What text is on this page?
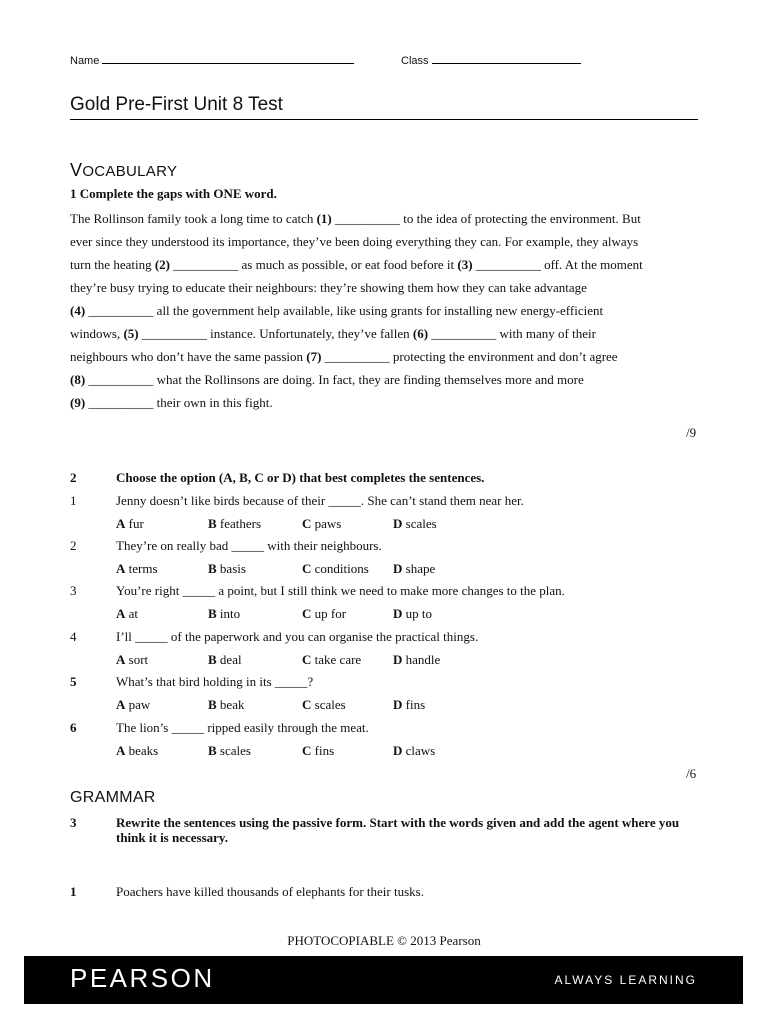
Name	Class
Gold Pre-First Unit 8 Test
VOCABULARY
1 Complete the gaps with ONE word.
The Rollinson family took a long time to catch (1) __________ to the idea of protecting the environment. But
ever since they understood its importance, they’ve been doing everything they can. For example, they always
turn the heating (2) __________ as much as possible, or eat food before it (3) __________ off. At the moment
they’re busy trying to educate their neighbours: they’re showing them how they can take advantage
(4) __________ all the government help available, like using grants for installing new energy-efficient
windows, (5) __________ instance. Unfortunately, they’ve fallen (6) __________ with many of their
neighbours who don’t have the same passion (7) __________ protecting the environment and don’t agree
(8) __________ what the Rollinsons are doing. In fact, they are finding themselves more and more
(9) __________ their own in this fight.
/9
2	Choose the option (A, B, C or D) that best completes the sentences.
1	Jenny doesn’t like birds because of their _____. She can’t stand them near her.
A fur	B feathers	C paws	D scales
2	They’re on really bad _____ with their neighbours.
A terms	B basis	C conditions D shape
3	You’re right _____ a point, but I still think we need to make more changes to the plan.
A at	B into	C up for	D up to
4	I’ll _____ of the paperwork and you can organise the practical things.
A sort	B deal	C take care D handle
5	What’s that bird holding in its _____?
A paw	B beak	C scales	D fins
6	The lion’s _____ ripped easily through the meat.
A beaks	B scales	C fins	D claws
/6
GRAMMAR
3	Rewrite the sentences using the passive form. Start with the words given and add the agent where you think it is necessary.
1	Poachers have killed thousands of elephants for their tusks.
PHOTOCOPIABLE © 2013 Pearson
PEARSON	ALWAYS LEARNING
